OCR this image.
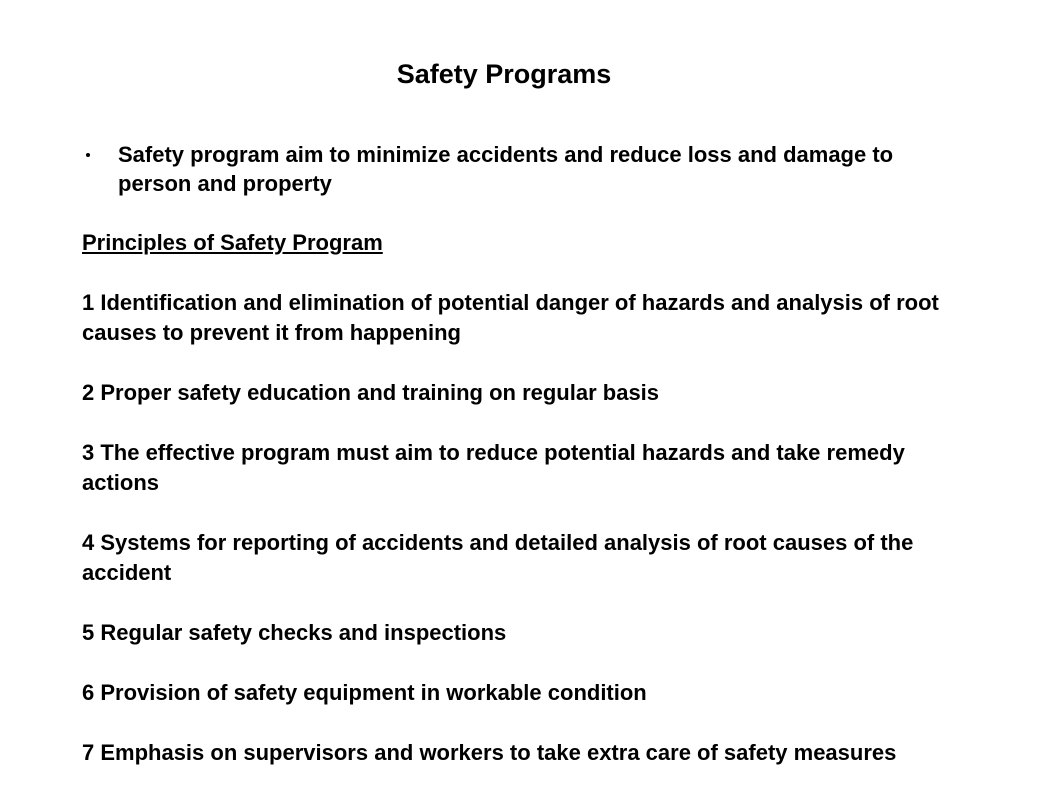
Safety Programs
Safety program aim to minimize accidents and reduce loss and damage to person and property
Principles of Safety Program
1 Identification and elimination of potential danger of hazards and analysis of root causes to prevent it from happening
2 Proper safety education and training on regular basis
3 The effective program must aim to reduce potential hazards and take remedy actions
4 Systems for reporting of accidents and detailed analysis of root causes of the accident
5 Regular safety checks and inspections
6 Provision of safety equipment in workable condition
7 Emphasis on supervisors and workers to take extra care of safety measures
